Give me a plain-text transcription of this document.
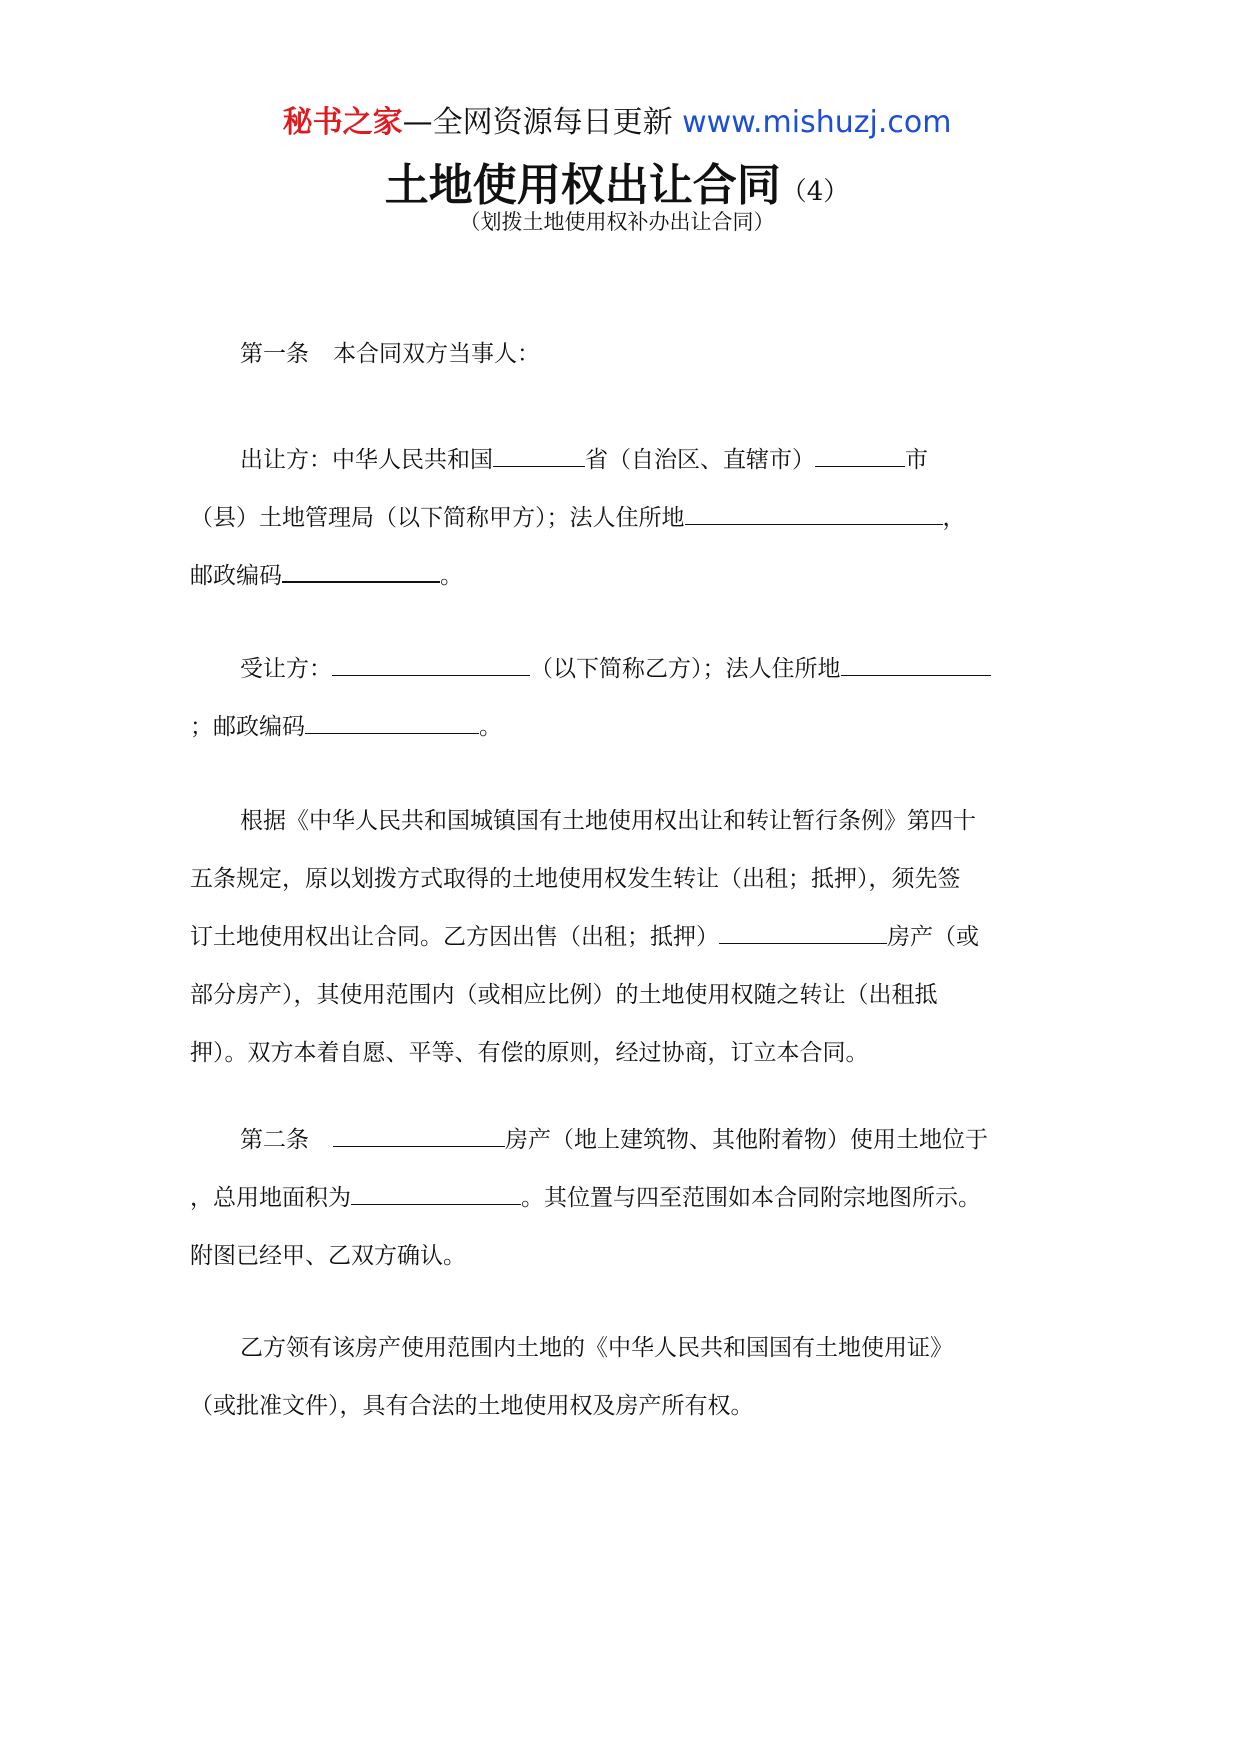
秘书之家—全网资源每日更新 www.mishuzj.com
土地使用权出让合同（4）
（划拨土地使用权补办出让合同）
第一条 本合同双方当事人：
出让方：中华人民共和国	省（自治区、直辖市）	市
（县）土地管理局（以下简称甲方）；法人住所地	，
邮政编码	。
受让方：	（以下简称乙方）；法人住所地
；邮政编码	。
根据《中华人民共和国城镇国有土地使用权出让和转让暂行条例》第四十
五条规定，原以划拨方式取得的土地使用权发生转让（出租；抵押），须先签
订土地使用权出让合同。乙方因出售（出租；抵押）	房产（或
部分房产），其使用范围内（或相应比例）的土地使用权随之转让（出租抵
押）。双方本着自愿、平等、有偿的原则，经过协商，订立本合同。
第二条	房产（地上建筑物、其他附着物）使用土地位于
，总用地面积为	。其位置与四至范围如本合同附宗地图所示。
附图已经甲、乙双方确认。
乙方领有该房产使用范围内土地的《中华人民共和国国有土地使用证》
（或批准文件），具有合法的土地使用权及房产所有权。
